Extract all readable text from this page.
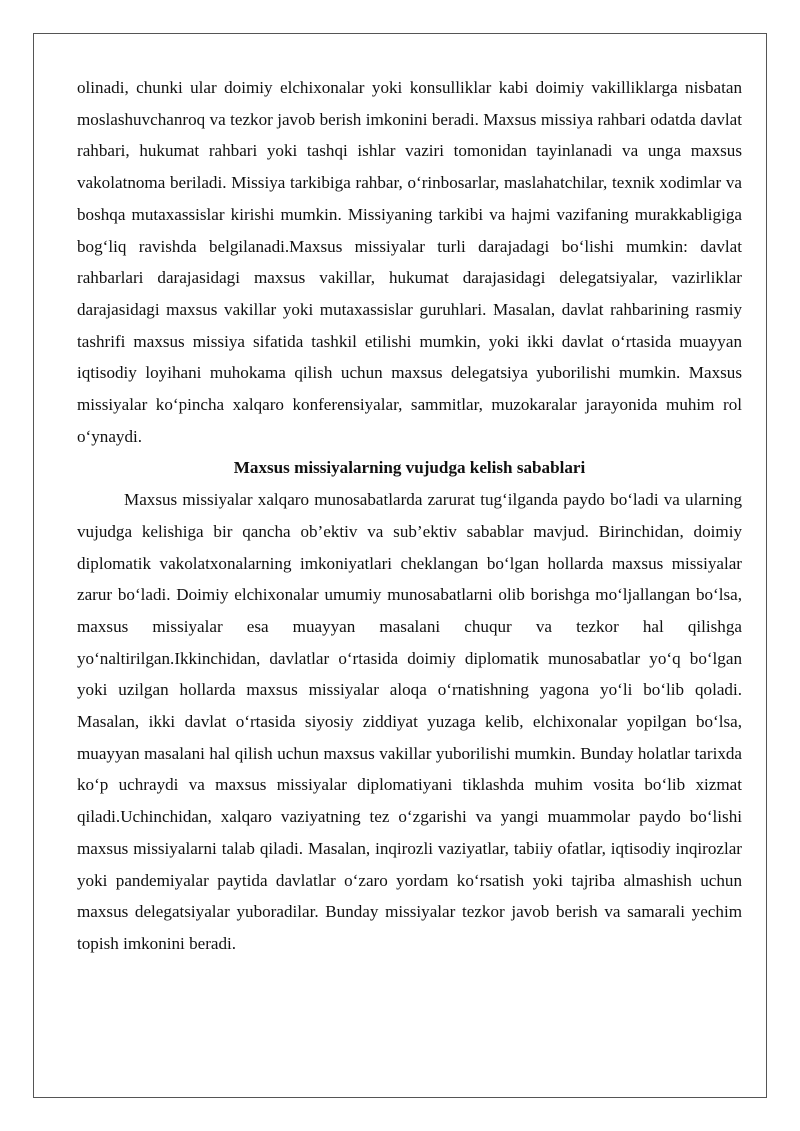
olinadi, chunki ular doimiy elchixonalar yoki konsulliklar kabi doimiy vakilliklarga nisbatan moslashuvchanroq va tezkor javob berish imkonini beradi. Maxsus missiya rahbari odatda davlat rahbari, hukumat rahbari yoki tashqi ishlar vaziri tomonidan tayinlanadi va unga maxsus vakolatnoma beriladi. Missiya tarkibiga rahbar, o‘rinbosarlar, maslahatchilar, texnik xodimlar va boshqa mutaxassislar kirishi mumkin. Missiyaning tarkibi va hajmi vazifaning murakkabligiga bog‘liq ravishda belgilanadi.Maxsus missiyalar turli darajadagi bo‘lishi mumkin: davlat rahbarlari darajasidagi maxsus vakillar, hukumat darajasidagi delegatsiyalar, vazirliklar darajasidagi maxsus vakillar yoki mutaxassislar guruhlari. Masalan, davlat rahbarining rasmiy tashrifi maxsus missiya sifatida tashkil etilishi mumkin, yoki ikki davlat o‘rtasida muayyan iqtisodiy loyihani muhokama qilish uchun maxsus delegatsiya yuborilishi mumkin. Maxsus missiyalar ko‘pincha xalqaro konferensiyalar, sammitlar, muzokaralar jarayonida muhim rol o‘ynaydi.

Maxsus missiyalarning vujudga kelish sabablari

Maxsus missiyalar xalqaro munosabatlarda zarurat tug‘ilganda paydo bo‘ladi va ularning vujudga kelishiga bir qancha ob’ektiv va sub’ektiv sabablar mavjud. Birinchidan, doimiy diplomatik vakolatxonalarning imkoniyatlari cheklangan bo‘lgan hollarda maxsus missiyalar zarur bo‘ladi. Doimiy elchixonalar umumiy munosabatlarni olib borishga mo‘ljallangan bo‘lsa, maxsus missiyalar esa muayyan masalani chuqur va tezkor hal qilishga yo‘naltirilgan.Ikkinchidan, davlatlar o‘rtasida doimiy diplomatik munosabatlar yo‘q bo‘lgan yoki uzilgan hollarda maxsus missiyalar aloqa o‘rnatishning yagona yo‘li bo‘lib qoladi. Masalan, ikki davlat o‘rtasida siyosiy ziddiyat yuzaga kelib, elchixonalar yopilgan bo‘lsa, muayyan masalani hal qilish uchun maxsus vakillar yuborilishi mumkin. Bunday holatlar tarixda ko‘p uchraydi va maxsus missiyalar diplomatiyani tiklashda muhim vosita bo‘lib xizmat qiladi.Uchinchidan, xalqaro vaziyatning tez o‘zgarishi va yangi muammolar paydo bo‘lishi maxsus missiyalarni talab qiladi. Masalan, inqirozli vaziyatlar, tabiiy ofatlar, iqtisodiy inqirozlar yoki pandemiyalar paytida davlatlar o‘zaro yordam ko‘rsatish yoki tajriba almashish uchun maxsus delegatsiyalar yuboradilar. Bunday missiyalar tezkor javob berish va samarali yechim topish imkonini beradi.
